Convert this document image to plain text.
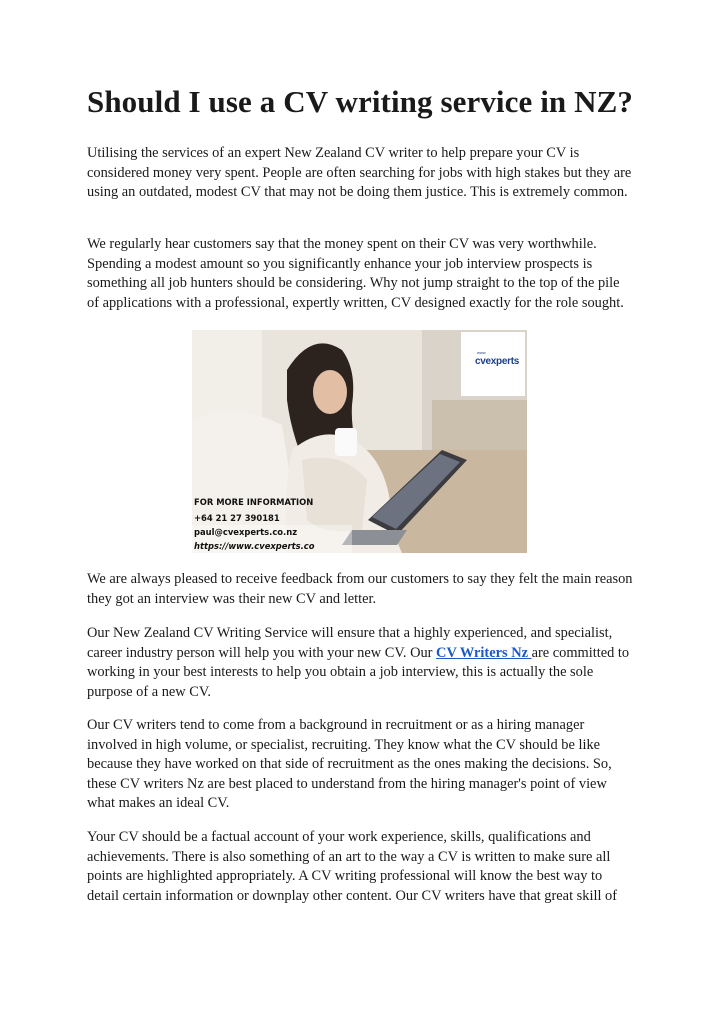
Should I use a CV writing service in NZ?

Utilising the services of an expert New Zealand CV writer to help prepare your CV is considered money very spent. People are often searching for jobs with high stakes but they are using an outdated, modest CV that may not be doing them justice. This is extremely common.

We regularly hear customers say that the money spent on their CV was very worthwhile. Spending a modest amount so you significantly enhance your job interview prospects is something all job hunters should be considering. Why not jump straight to the top of the pile of applications with a professional, expertly written, CV designed exactly for the role sought.

www
cvexperts
FOR MORE INFORMATION
+64 21 27 390181
paul@cvexperts.co.nz
https://www.cvexperts.co

We are always pleased to receive feedback from our customers to say they felt the main reason they got an interview was their new CV and letter.

Our New Zealand CV Writing Service will ensure that a highly experienced, and specialist, career industry person will help you with your new CV. Our CV Writers Nz are committed to working in your best interests to help you obtain a job interview, this is actually the sole purpose of a new CV.

Our CV writers tend to come from a background in recruitment or as a hiring manager involved in high volume, or specialist, recruiting. They know what the CV should be like because they have worked on that side of recruitment as the ones making the decisions. So, these CV writers Nz are best placed to understand from the hiring manager's point of view what makes an ideal CV.

Your CV should be a factual account of your work experience, skills, qualifications and achievements. There is also something of an art to the way a CV is written to make sure all points are highlighted appropriately. A CV writing professional will know the best way to detail certain information or downplay other content. Our CV writers have that great skill of
